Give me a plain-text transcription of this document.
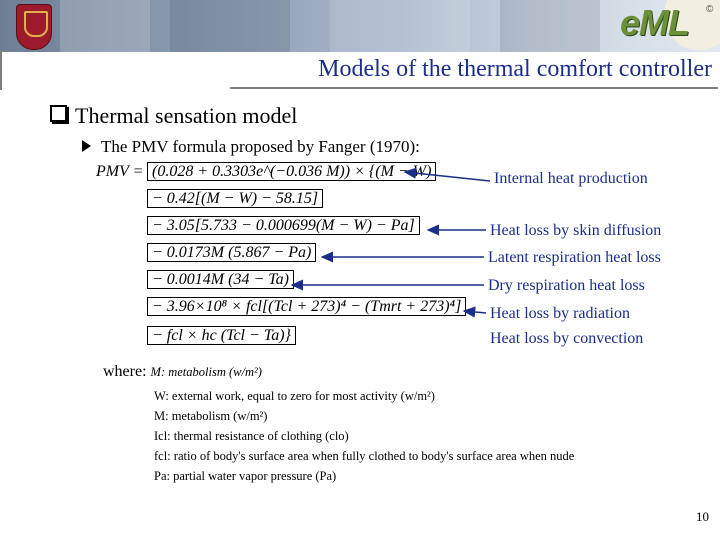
eML ©
Models of the thermal comfort controller
Thermal sensation model
The PMV formula proposed by Fanger (1970):
PMV = (0.028 + 0.3303e^(−0.036 M)) × {(M − W)
− 0.42[(M − W) − 58.15]
− 3.05[5.733 − 0.000699(M − W) − Pa]
− 0.0173M (5.867 − Pa)
− 0.0014M (34 − Ta)
− 3.96×10⁸ × fcl[(Tcl + 273)⁴ − (Tmrt + 273)⁴]
− fcl × hc (Tcl − Ta)}
Internal heat production
Heat loss by skin diffusion
Latent respiration heat loss
Dry respiration heat loss
Heat loss by radiation
Heat loss by convection
where: M: metabolism (w/m²)
W: external work, equal to zero for most activity (w/m²)
M: metabolism (w/m²)
Icl: thermal resistance of clothing (clo)
fcl: ratio of body's surface area when fully clothed to body's surface area when nude
Pa: partial water vapor pressure (Pa)
10
